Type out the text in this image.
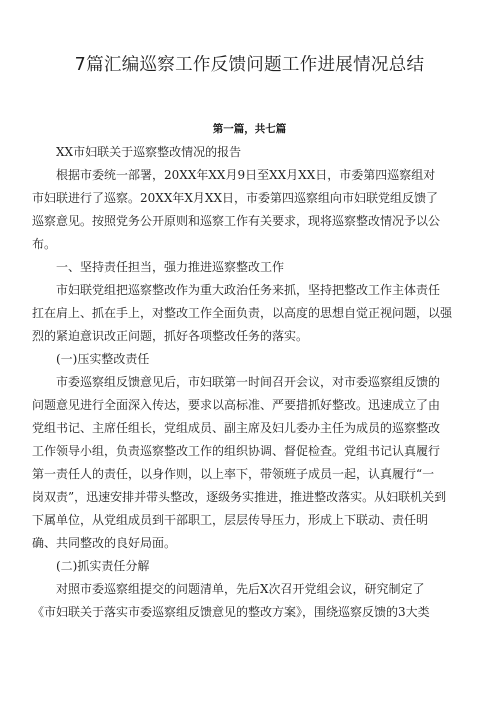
7篇汇编巡察工作反馈问题工作进展情况总结
第一篇，共七篇

XX市妇联关于巡察整改情况的报告

根据市委统一部署，20XX年XX月9日至XX月XX日，市委第四巡察组对
市妇联进行了巡察。20XX年X月XX日，市委第四巡察组向市妇联党组反馈了
巡察意见。按照党务公开原则和巡察工作有关要求，现将巡察整改情况予以公
布。

一、坚持责任担当，强力推进巡察整改工作

市妇联党组把巡察整改作为重大政治任务来抓，坚持把整改工作主体责任
扛在肩上、抓在手上，对整改工作全面负责，以高度的思想自觉正视问题，以强
烈的紧迫意识改正问题，抓好各项整改任务的落实。

(一)压实整改责任

市委巡察组反馈意见后，市妇联第一时间召开会议，对市委巡察组反馈的
问题意见进行全面深入传达，要求以高标准、严要措抓好整改。迅速成立了由
党组书记、主席任组长，党组成员、副主席及妇儿委办主任为成员的巡察整改
工作领导小组，负责巡察整改工作的组织协调、督促检查。党组书记认真履行
第一责任人的责任，以身作则，以上率下，带领班子成员一起，认真履行“一
岗双责”，迅速安排并带头整改，逐级务实推进，推进整改落实。从妇联机关到
下属单位，从党组成员到干部职工，层层传导压力，形成上下联动、责任明
确、共同整改的良好局面。

(二)抓实责任分解

对照市委巡察组提交的问题清单，先后X次召开党组会议，研究制定了
《市妇联关于落实市委巡察组反馈意见的整改方案》，围绕巡察反馈的3大类
